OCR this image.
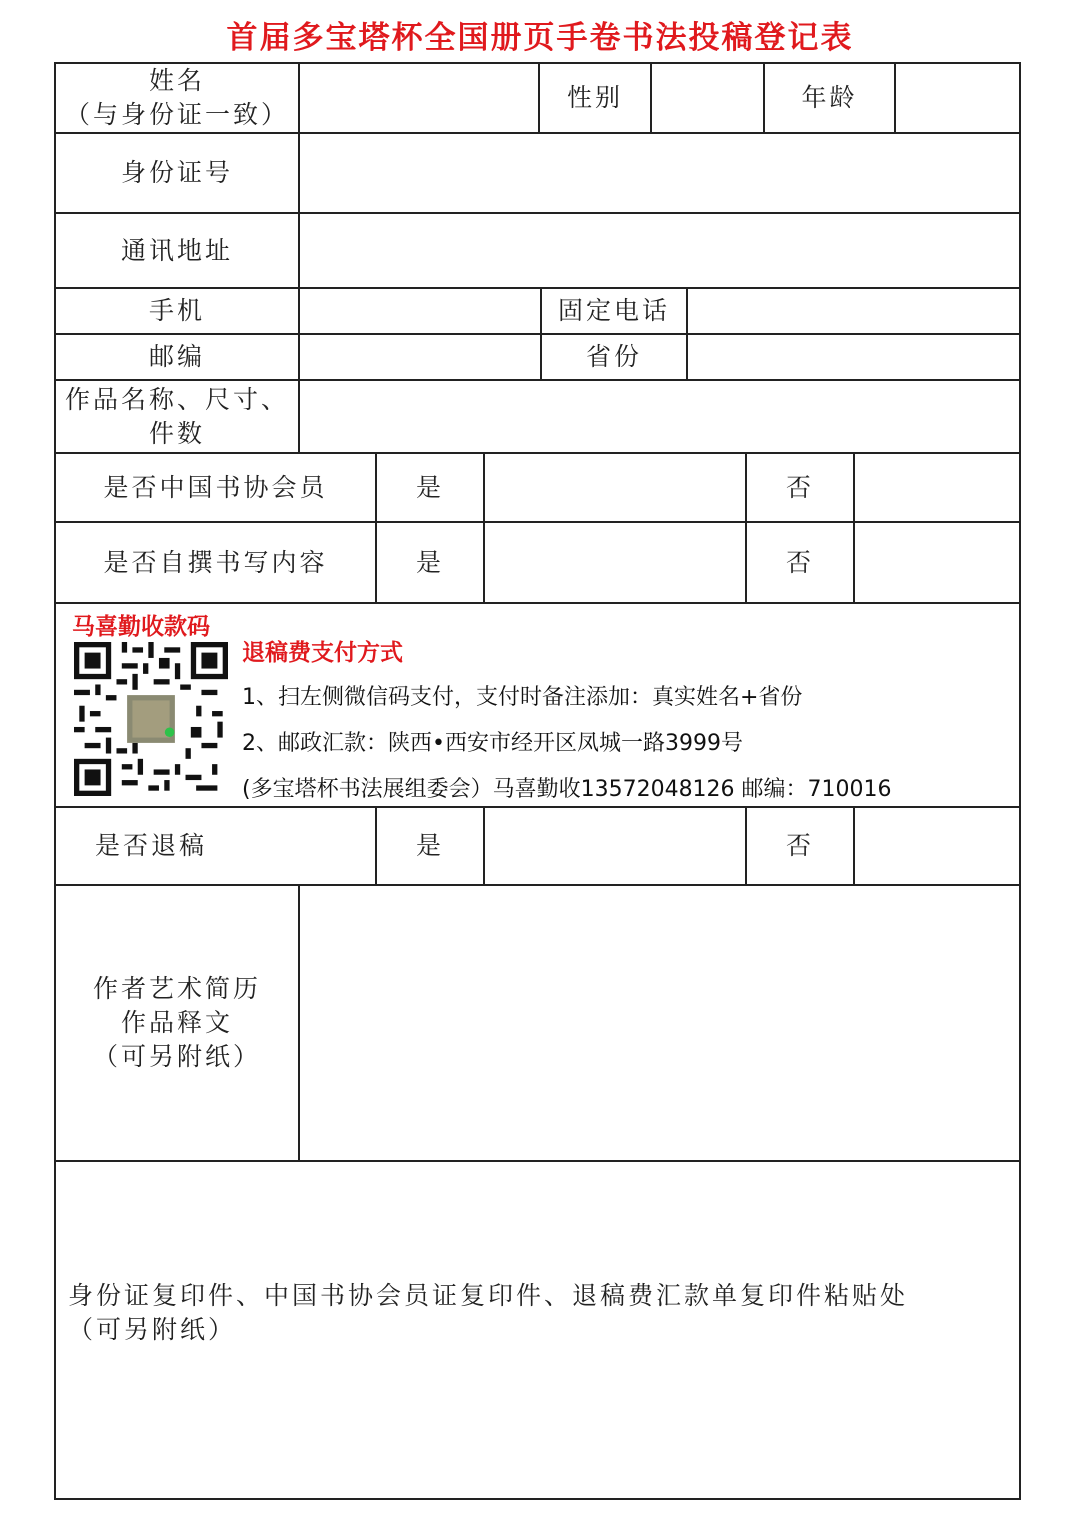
首届多宝塔杯全国册页手卷书法投稿登记表
姓名
（与身份证一致）
性别	年龄
身份证号
通讯地址
手机	固定电话
邮编	省份
作品名称、尺寸、
件数
是否中国书协会员	是	否
是否自撰书写内容	是	否
马喜勤收款码
退稿费支付方式
1、扫左侧微信码支付，支付时备注添加：真实姓名+省份
2、邮政汇款：陕西•西安市经开区凤城一路3999号
(多宝塔杯书法展组委会）马喜勤收13572048126 邮编：710016
是否退稿	是	否
作者艺术简历
作品释文
（可另附纸）
身份证复印件、中国书协会员证复印件、退稿费汇款单复印件粘贴处
（可另附纸）
